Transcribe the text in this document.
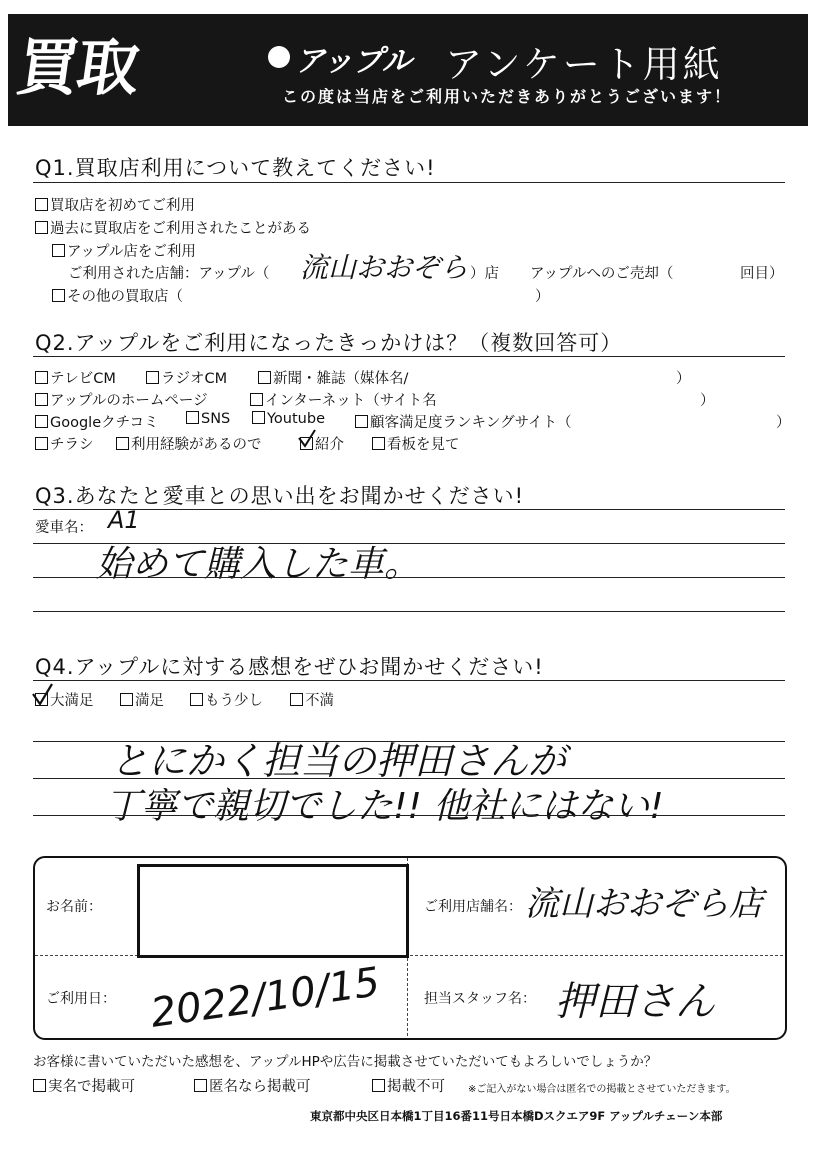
買取	アップル アンケート用紙
この度は当店をご利用いただきありがとうございます！
Q1.買取店利用について教えてください!
買取店を初めてご利用
過去に買取店をご利用されたことがある
アップル店をご利用
ご利用された店舗：アップル（ 流山おおぞら ）店 アップルへのご売却（	回目）
その他の買取店（	）
Q2.アップルをご利用になったきっかけは？（複数回答可）
テレビCM	ラジオCM	新聞・雑誌（媒体名/	）
アップルのホームページ	インターネット（サイト名	）
Googleクチコミ	SNS	Youtube	顧客満足度ランキングサイト（	）
チラシ	利用経験があるので	紹介	看板を見て
Q3.あなたと愛車との思い出をお聞かせください!
愛車名： A1
始めて購入した車。
Q4.アップルに対する感想をぜひお聞かせください!
大満足	満足	もう少し	不満
とにかく担当の押田さんが
丁寧で親切でした!! 他社にはない!
お名前：	ご利用店舗名： 流山おおぞら店
ご利用日： 2022/10/15	担当スタッフ名： 押田さん
お客様に書いていただいた感想を、アップルHPや広告に掲載させていただいてもよろしいでしょうか？
実名で掲載可	匿名なら掲載可	掲載不可 ※ご記入がない場合は匿名での掲載とさせていただきます。
東京都中央区日本橋1丁目16番11号日本橋Dスクエア9F アップルチェーン本部
